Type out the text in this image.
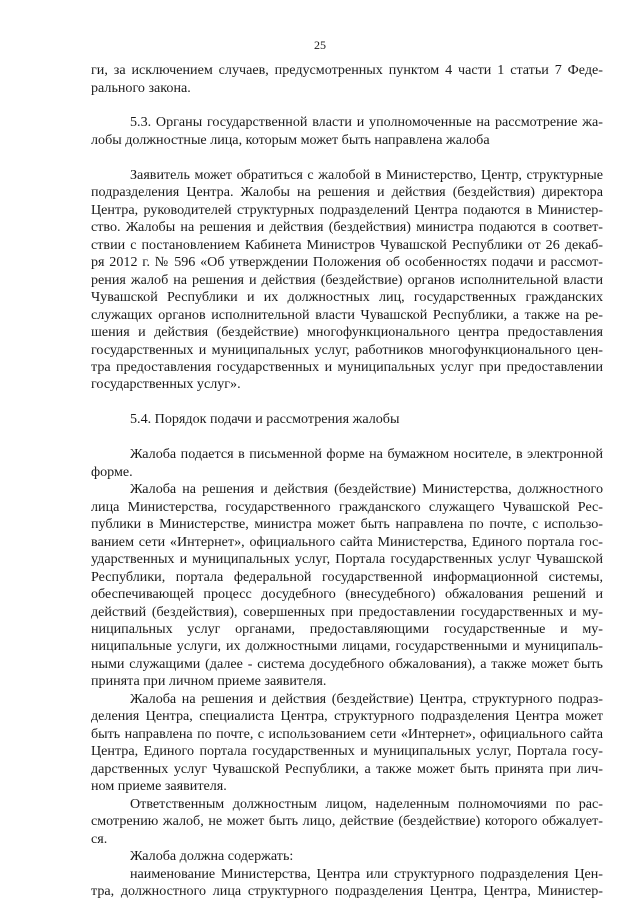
25
ги, за исключением случаев, предусмотренных пунктом 4 части 1 статьи 7 Феде-
рального закона.
5.3. Органы государственной власти и уполномоченные на рассмотрение жа-
лобы должностные лица, которым может быть направлена жалоба
Заявитель может обратиться с жалобой в Министерство, Центр, структурные
подразделения Центра. Жалобы на решения и действия (бездействия) директора
Центра, руководителей структурных подразделений Центра подаются в Министер-
ство. Жалобы на решения и действия (бездействия) министра подаются в соответ-
ствии с постановлением Кабинета Министров Чувашской Республики от 26 декаб-
ря 2012 г. № 596 «Об утверждении Положения об особенностях подачи и рассмот-
рения жалоб на решения и действия (бездействие) органов исполнительной власти
Чувашской Республики и их должностных лиц, государственных гражданских
служащих органов исполнительной власти Чувашской Республики, а также на ре-
шения и действия (бездействие) многофункционального центра предоставления
государственных и муниципальных услуг, работников многофункционального цен-
тра предоставления государственных и муниципальных услуг при предоставлении
государственных услуг».
5.4. Порядок подачи и рассмотрения жалобы
Жалоба подается в письменной форме на бумажном носителе, в электронной
форме.
Жалоба на решения и действия (бездействие) Министерства, должностного
лица Министерства, государственного гражданского служащего Чувашской Рес-
публики в Министерстве, министра может быть направлена по почте, с использо-
ванием сети «Интернет», официального сайта Министерства, Единого портала гос-
ударственных и муниципальных услуг, Портала государственных услуг Чувашской
Республики, портала федеральной государственной информационной системы,
обеспечивающей процесс досудебного (внесудебного) обжалования решений и
действий (бездействия), совершенных при предоставлении государственных и му-
ниципальных услуг органами, предоставляющими государственные и му-
ниципальные услуги, их должностными лицами, государственными и муниципаль-
ными служащими (далее - система досудебного обжалования), а также может быть
принята при личном приеме заявителя.
Жалоба на решения и действия (бездействие) Центра, структурного подраз-
деления Центра, специалиста Центра, структурного подразделения Центра может
быть направлена по почте, с использованием сети «Интернет», официального сайта
Центра, Единого портала государственных и муниципальных услуг, Портала госу-
дарственных услуг Чувашской Республики, а также может быть принята при лич-
ном приеме заявителя.
Ответственным должностным лицом, наделенным полномочиями по рас-
смотрению жалоб, не может быть лицо, действие (бездействие) которого обжалует-
ся.
Жалоба должна содержать:
наименование Министерства, Центра или структурного подразделения Цен-
тра, должностного лица структурного подразделения Центра, Центра, Министер-
